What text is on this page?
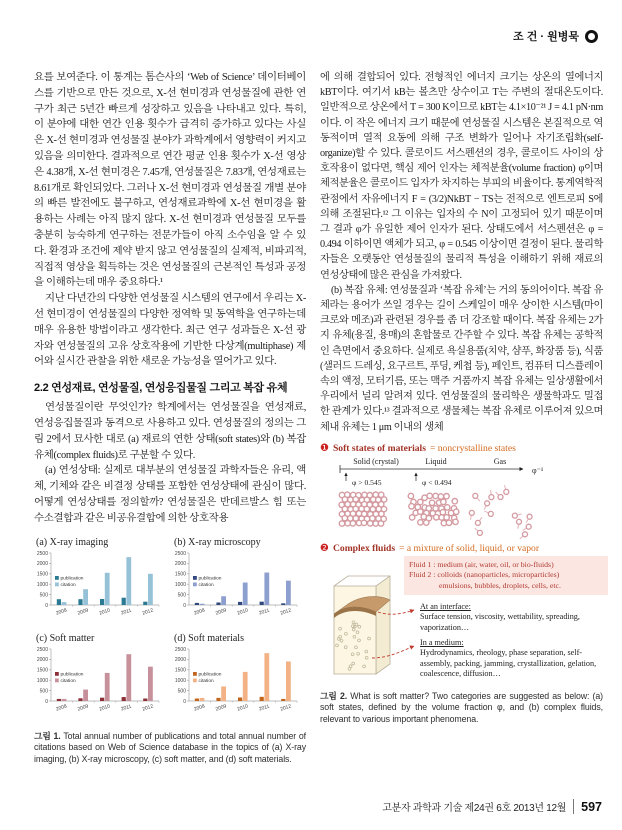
조 건 · 원병묵

요를 보여준다. 이 통계는 톰슨사의 ‘Web of Science’ 데이터베이스를 기반으로 만든 것으로, X-선 현미경과 연성물질에 관한 연구가 최근 5년간 빠르게 성장하고 있음을 나타내고 있다. 특히, 이 분야에 대한 연간 인용 횟수가 급격히 증가하고 있다는 사실은 X-선 현미경과 연성물질 분야가 과학계에서 영향력이 커지고 있음을 의미한다. 결과적으로 연간 평균 인용 횟수가 X-선 영상은 4.38개, X-선 현미경은 7.45개, 연성물질은 7.83개, 연성재료는 8.61개로 확인되었다. 그러나 X-선 현미경과 연성물질 개별 분야의 빠른 발전에도 불구하고, 연성재료과학에 X-선 현미경을 활용하는 사례는 아직 많지 않다. X-선 현미경과 연성물질 모두를 충분히 능숙하게 연구하는 전문가들이 아직 소수임을 알 수 있다. 환경과 조건에 제약 받지 않고 연성물질의 실제적, 비파괴적, 직접적 영상을 획득하는 것은 연성물질의 근본적인 특성과 공정을 이해하는데 매우 중요하다.¹

지난 다년간의 다양한 연성물질 시스템의 연구에서 우리는 X-선 현미경이 연성물질의 다양한 정역학 및 동역학을 연구하는데 매우 유용한 방법이라고 생각한다. 최근 연구 성과들은 X-선 광자와 연성물질의 고유 상호작용에 기반한 다상계(multiphase) 제어와 실시간 관찰을 위한 새로운 가능성을 열어가고 있다.

2.2 연성재료, 연성물질, 연성응집물질 그리고 복잡 유체

연성물질이란 무엇인가? 학계에서는 연성물질을 연성재료, 연성응집물질과 동격으로 사용하고 있다. 연성물질의 정의는 그림 2에서 묘사한 대로 (a) 재료의 연한 상태(soft states)와 (b) 복잡 유체(complex fluids)로 구분할 수 있다.

(a) 연성상태: 실제로 대부분의 연성물질 과학자들은 유리, 액체, 기체와 같은 비결정 상태를 포함한 연성상태에 관심이 많다. 어떻게 연성상태를 정의할까? 연성물질은 반데르발스 힘 또는 수소결합과 같은 비공유결합에 의한 상호작용

(a) X-ray imaging
0
500
1000
1500
2000
2500
2008 2009 2010 2011 2012
publication
citation
(b) X-ray microscopy
0
500
1000
1500
2000
2500
2008 2009 2010 2011 2012
publication
citation
(c) Soft matter
0
500
1000
1500
2000
2500
2008 2009 2010 2011 2012
publication
citation
(d) Soft materials
0
500
1000
1500
2000
2500
2008 2009 2010 2011 2012
publication
citation
그림 1. Total annual number of publications and total annual number of citations based on Web of Science database in the topics of (a) X-ray imaging, (b) X-ray microscopy, (c) soft matter, and (d) soft materials.

에 의해 결합되어 있다. 전형적인 에너지 크기는 상온의 열에너지 kBT이다. 여기서 kB는 볼츠만 상수이고 T는 주변의 절대온도이다. 일반적으로 상온에서 T = 300 K이므로 kBT는 4.1×10⁻²¹ J = 4.1 pN·nm이다. 이 작은 에너지 크기 때문에 연성물질 시스템은 본질적으로 역동적이며 열적 요동에 의해 구조 변화가 일어나 자기조립화(self-organize)할 수 있다. 콜로이드 서스펜션의 경우, 콜로이드 사이의 상호작용이 없다면, 핵심 제어 인자는 체적분율(volume fraction) φ이며 체적분율은 콜로이드 입자가 차지하는 부피의 비율이다. 통계역학적 관점에서 자유에너지 F = (3/2)NkBT − TS는 전적으로 엔트로피 S에 의해 조절된다.¹² 그 이유는 입자의 수 N이 고정되어 있기 때문이며 그 결과 φ가 유일한 제어 인자가 된다. 상태도에서 서스펜션은 φ = 0.494 이하이면 액체가 되고, φ = 0.545 이상이면 결정이 된다. 물리학자들은 오랫동안 연성물질의 물리적 특성을 이해하기 위해 재료의 연성상태에 많은 관심을 가져왔다.

(b) 복잡 유체: 연성물질과 ‘복잡 유체’는 거의 동의어이다. 복잡 유체라는 용어가 쓰일 경우는 길이 스케일이 매우 상이한 시스템(마이크로와 메조)과 관련된 경우를 좀 더 강조할 때이다. 복잡 유체는 2가지 유체(용질, 용매)의 혼합물로 간주할 수 있다. 복잡 유체는 공학적인 측면에서 중요하다. 실제로 욕실용품(치약, 샴푸, 화장품 등), 식품(샐러드 드레싱, 요구르트, 푸딩, 케첩 등), 페인트, 컴퓨터 디스플레이 속의 액정, 모터기름, 또는 맥주 거품까지 복잡 유체는 일상생활에서 우리에서 널리 알려져 있다. 연성물질의 물리학은 생물학과도 밀접한 관계가 있다.¹³ 결과적으로 생물체는 복잡 유체로 이루어져 있으며 체내 유체는 1 μm 이내의 생체

❶ Soft states of materials = noncrystalline states
Solid (crystal)	Liquid	Gas
φ⁻¹
φ > 0.545	φ < 0.494
❷ Complex fluids = a mixture of solid, liquid, or vapor
Fluid 1 : medium (air, water, oil, or bio-fluids)
Fluid 2 : colloids (nanoparticles, microparticles)
emulsions, bubbles, droplets, cells, etc.
At an interface:
Surface tension, viscosity, wettability, spreading, vaporization…
In a medium:
Hydrodynamics, rheology, phase separation, self-assembly, packing, jamming, crystallization, gelation, coalescence, diffusion…
그림 2. What is soft matter? Two categories are suggested as below: (a) soft states, defined by the volume fraction φ, and (b) complex fluids, relevant to various important phenomena.
고분자 과학과 기술 제24권 6호 2013년 12월 597
